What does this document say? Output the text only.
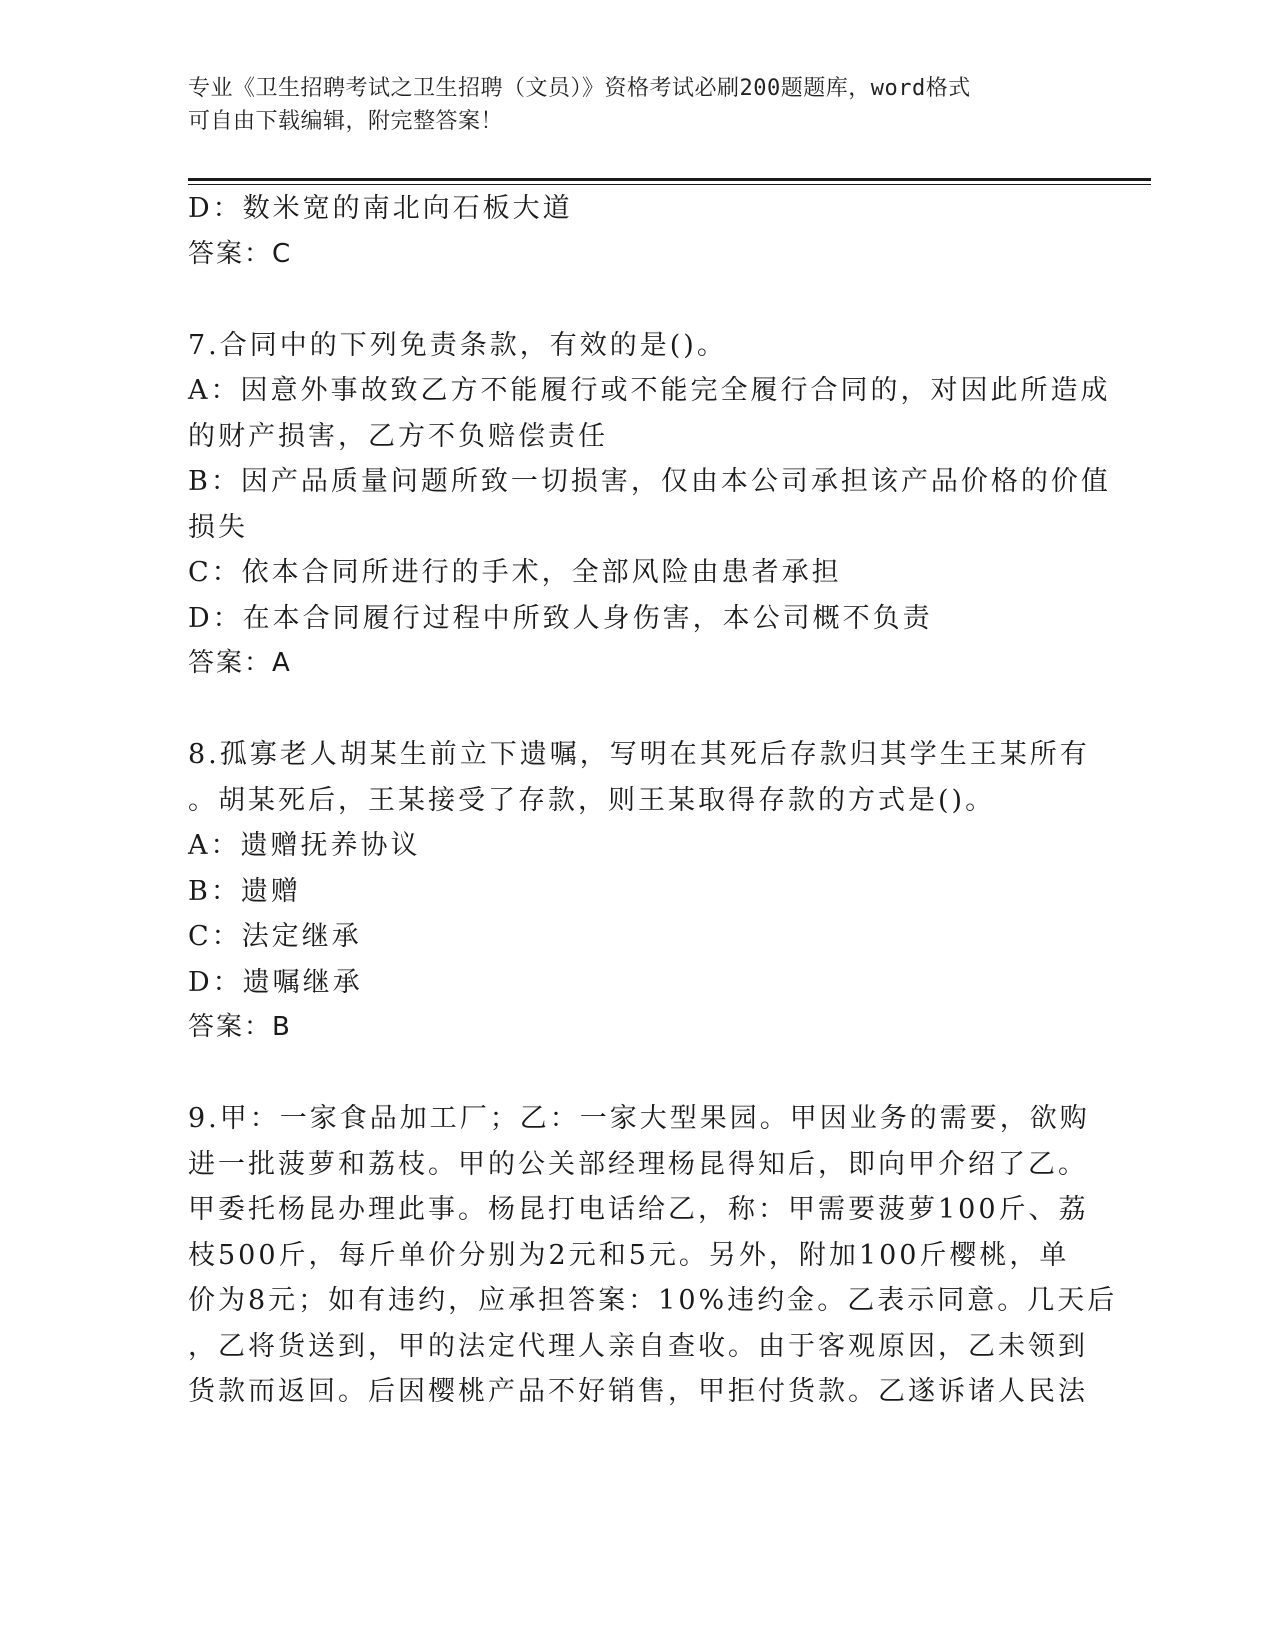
专业《卫生招聘考试之卫生招聘（文员）》资格考试必刷200题题库，word格式
可自由下载编辑，附完整答案！
D：数米宽的南北向石板大道
答案：C
7.合同中的下列免责条款，有效的是()。
A：因意外事故致乙方不能履行或不能完全履行合同的，对因此所造成
的财产损害，乙方不负赔偿责任
B：因产品质量问题所致一切损害，仅由本公司承担该产品价格的价值
损失
C：依本合同所进行的手术，全部风险由患者承担
D：在本合同履行过程中所致人身伤害，本公司概不负责
答案：A
8.孤寡老人胡某生前立下遗嘱，写明在其死后存款归其学生王某所有
。胡某死后，王某接受了存款，则王某取得存款的方式是()。
A：遗赠抚养协议
B：遗赠
C：法定继承
D：遗嘱继承
答案：B
9.甲：一家食品加工厂；乙：一家大型果园。甲因业务的需要，欲购
进一批菠萝和荔枝。甲的公关部经理杨昆得知后，即向甲介绍了乙。
甲委托杨昆办理此事。杨昆打电话给乙，称：甲需要菠萝100斤、荔
枝500斤，每斤单价分别为2元和5元。另外，附加100斤樱桃，单
价为8元；如有违约，应承担答案：10%违约金。乙表示同意。几天后
，乙将货送到，甲的法定代理人亲自查收。由于客观原因，乙未领到
货款而返回。后因樱桃产品不好销售，甲拒付货款。乙遂诉诸人民法
